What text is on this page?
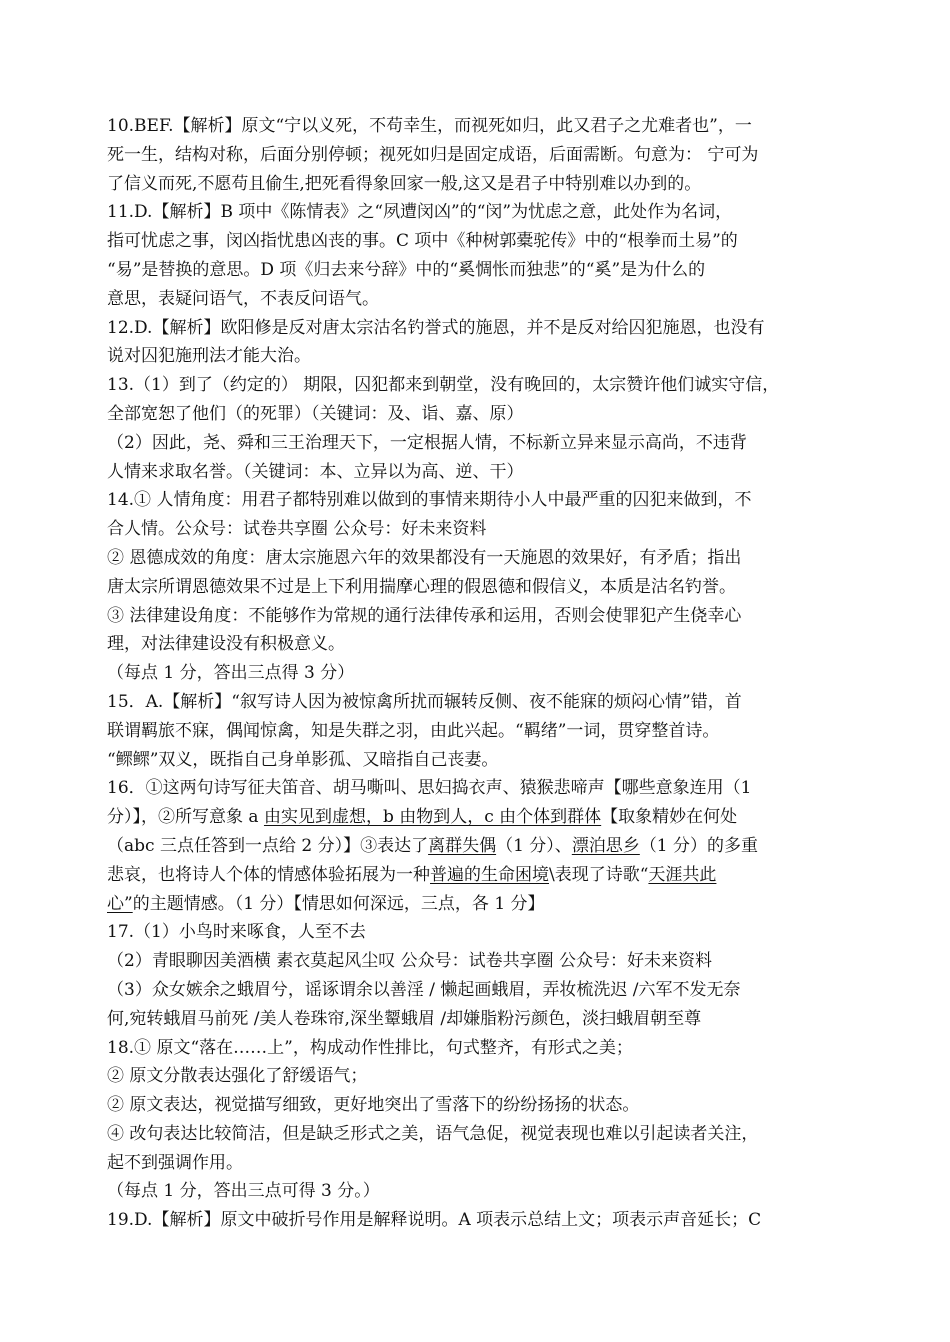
10.BEF.【解析】原文“宁以义死，不苟幸生，而视死如归，此又君子之尤难者也”，一
死一生，结构对称，后面分别停顿；视死如归是固定成语，后面需断。句意为： 宁可为
了信义而死,不愿苟且偷生,把死看得象回家一般,这又是君子中特别难以办到的。
11.D.【解析】B 项中《陈情表》之“夙遭闵凶”的“闵”为忧虑之意，此处作为名词，
指可忧虑之事，闵凶指忧患凶丧的事。C 项中《种树郭橐驼传》中的“根拳而土易”的
“易”是替换的意思。D 项《归去来兮辞》中的“奚惆怅而独悲”的“奚”是为什么的
意思，表疑问语气，不表反问语气。
12.D.【解析】欧阳修是反对唐太宗沽名钓誉式的施恩，并不是反对给囚犯施恩，也没有
说对囚犯施刑法才能大治。
13.（1）到了（约定的） 期限，囚犯都来到朝堂，没有晚回的，太宗赞许他们诚实守信，
全部宽恕了他们（的死罪）（关键词：及、诣、嘉、原）
（2）因此，尧、舜和三王治理天下，一定根据人情，不标新立异来显示高尚，不违背
人情来求取名誉。（关键词：本、立异以为高、逆、干）
14.① 人情角度：用君子都特别难以做到的事情来期待小人中最严重的囚犯来做到，不
合人情。公众号：试卷共享圈 公众号：好未来资料
② 恩德成效的角度：唐太宗施恩六年的效果都没有一天施恩的效果好，有矛盾；指出
唐太宗所谓恩德效果不过是上下利用揣摩心理的假恩德和假信义，本质是沽名钓誉。
③ 法律建设角度：不能够作为常规的通行法律传承和运用，否则会使罪犯产生侥幸心
理，对法律建设没有积极意义。
（每点 1 分，答出三点得 3 分）
15．A.【解析】“叙写诗人因为被惊禽所扰而辗转反侧、夜不能寐的烦闷心情”错，首
联谓羁旅不寐，偶闻惊禽，知是失群之羽，由此兴起。“羁绪”一词，贯穿整首诗。
“鳏鳏”双义，既指自己身单影孤、又暗指自己丧妻。
16．①这两句诗写征夫笛音、胡马嘶叫、思妇捣衣声、猿猴悲啼声【哪些意象连用（1
分）】，②所写意象 a 由实见到虚想，b 由物到人，c 由个体到群体【取象精妙在何处
（abc 三点任答到一点给 2 分）】③表达了离群失偶（1 分）、漂泊思乡（1 分）的多重
悲哀，也将诗人个体的情感体验拓展为一种普遍的生命困境\表现了诗歌“天涯共此
心”的主题情感。（1 分）【情思如何深远，三点，各 1 分】
17.（1）小鸟时来啄食，人至不去
（2）青眼聊因美酒横 素衣莫起风尘叹 公众号：试卷共享圈 公众号：好未来资料
（3）众女嫉余之蛾眉兮，谣诼谓余以善淫 / 懒起画蛾眉，弄妆梳洗迟 /六军不发无奈
何,宛转蛾眉马前死 /美人卷珠帘,深坐颦蛾眉 /却嫌脂粉污颜色，淡扫蛾眉朝至尊
18.① 原文“落在……上”，构成动作性排比，句式整齐，有形式之美；
② 原文分散表达强化了舒缓语气；
② 原文表达，视觉描写细致，更好地突出了雪落下的纷纷扬扬的状态。
④ 改句表达比较简洁，但是缺乏形式之美，语气急促，视觉表现也难以引起读者关注，
起不到强调作用。
（每点 1 分，答出三点可得 3 分。）
19.D.【解析】原文中破折号作用是解释说明。A 项表示总结上文；项表示声音延长；C
